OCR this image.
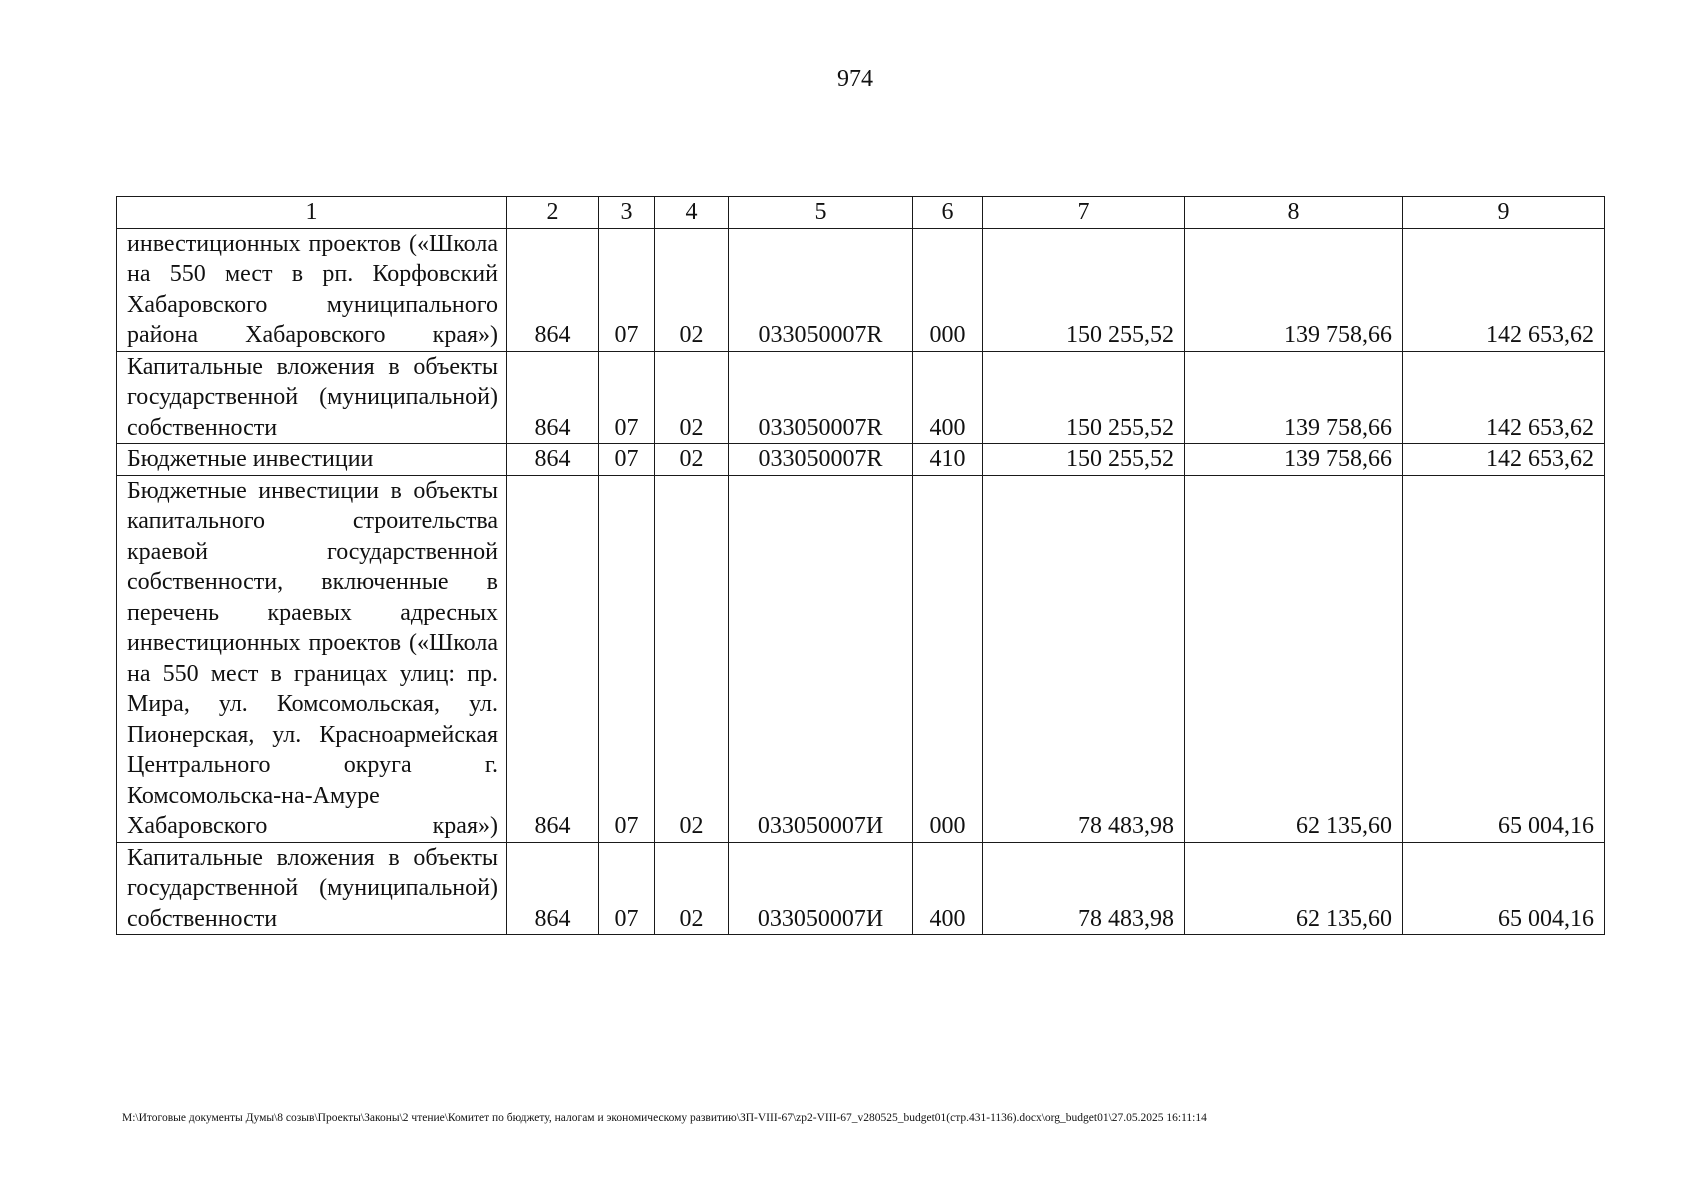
974
1	2	3	4	5	6	7	8	9
инвестиционных проектов («Школа на 550 мест в рп. Корфовский Хабаровского муниципального района Хабаровского края»)	864	07	02	033050007R	000	150 255,52	139 758,66	142 653,62
Капитальные вложения в объекты государственной (муниципальной) собственности	864	07	02	033050007R	400	150 255,52	139 758,66	142 653,62
Бюджетные инвестиции	864	07	02	033050007R	410	150 255,52	139 758,66	142 653,62
Бюджетные инвестиции в объекты капитального строительства краевой государственной собственности, включенные в перечень краевых адресных инвестиционных проектов («Школа на 550 мест в границах улиц: пр. Мира, ул. Комсомольская, ул. Пионерская, ул. Красноармейская Центрального округа г. Комсомольска-на-Амуре Хабаровского края»)	864	07	02	033050007И	000	78 483,98	62 135,60	65 004,16
Капитальные вложения в объекты государственной (муниципальной) собственности	864	07	02	033050007И	400	78 483,98	62 135,60	65 004,16
M:\Итоговые документы Думы\8 созыв\Проекты\Законы\2 чтение\Комитет по бюджету, налогам и экономическому развитию\ЗП-VIII-67\zp2-VIII-67_v280525_budget01(стр.431-1136).docx\org_budget01\27.05.2025 16:11:14
